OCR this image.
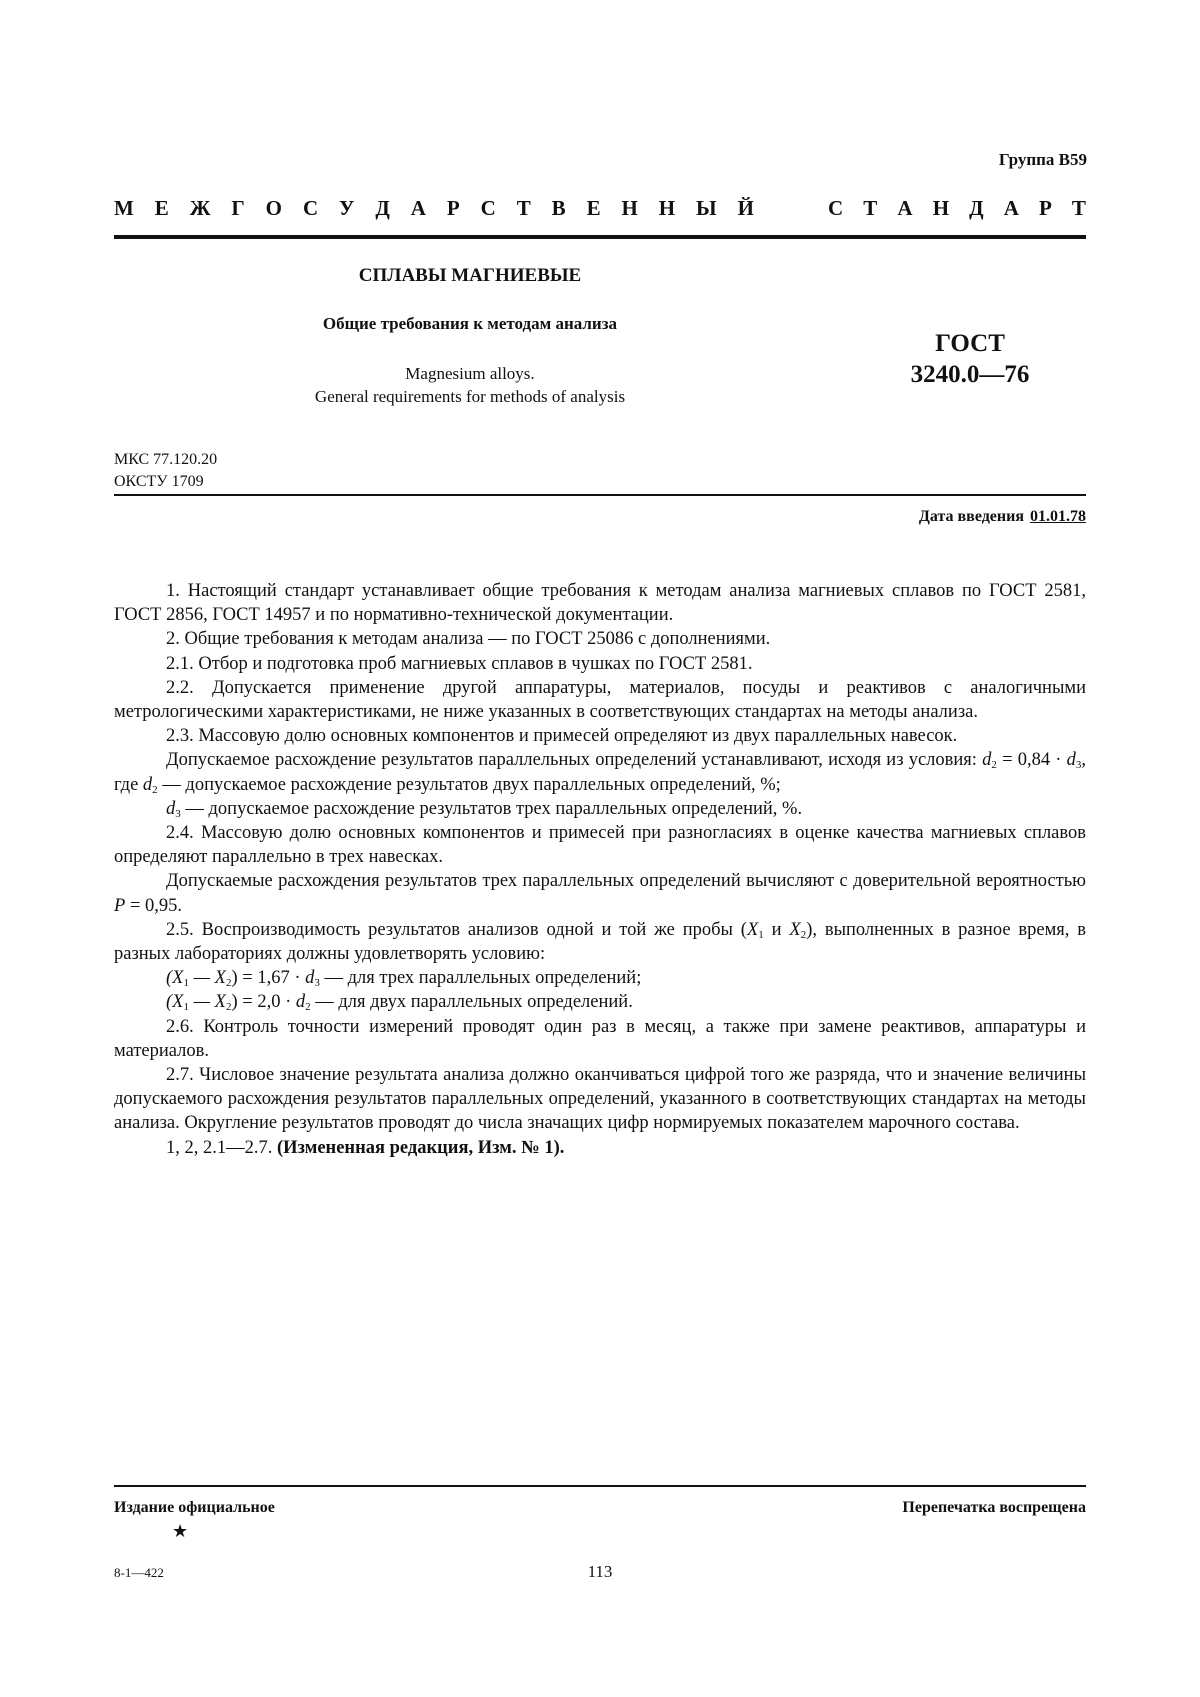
Группа В59
М Е Ж Г О С У Д А Р С Т В Е Н Н Ы Й	С Т А Н Д А Р Т
СПЛАВЫ МАГНИЕВЫЕ
Общие требования к методам анализа
Magnesium alloys.
General requirements for methods of analysis
ГОСТ
3240.0—76
МКС 77.120.20
ОКСТУ 1709
Дата введения 01.01.78

1. Настоящий стандарт устанавливает общие требования к методам анализа магниевых сплавов по ГОСТ 2581, ГОСТ 2856, ГОСТ 14957 и по нормативно-технической документации.

2. Общие требования к методам анализа — по ГОСТ 25086 с дополнениями.

2.1. Отбор и подготовка проб магниевых сплавов в чушках по ГОСТ 2581.

2.2. Допускается применение другой аппаратуры, материалов, посуды и реактивов с аналогичными метрологическими характеристиками, не ниже указанных в соответствующих стандартах на методы анализа.

2.3. Массовую долю основных компонентов и примесей определяют из двух параллельных навесок.

Допускаемое расхождение результатов параллельных определений устанавливают, исходя из условия: $d_2 = 0,84 \cdot d_3$, где $d_2$ — допускаемое расхождение результатов двух параллельных определений, %;

$d_3$ — допускаемое расхождение результатов трех параллельных определений, %.

2.4. Массовую долю основных компонентов и примесей при разногласиях в оценке качества магниевых сплавов определяют параллельно в трех навесках.

Допускаемые расхождения результатов трех параллельных определений вычисляют с доверительной вероятностью P = 0,95.

2.5. Воспроизводимость результатов анализов одной и той же пробы ($X_1$ и $X_2$), выполненных в разное время, в разных лабораториях должны удовлетворять условию:

($X_1$ — $X_2) = 1,67 \cdot d_3$ — для трех параллельных определений;

($X_1$ — $X_2) = 2,0 \cdot d_2$ — для двух параллельных определений.

2.6. Контроль точности измерений проводят один раз в месяц, а также при замене реактивов, аппаратуры и материалов.

2.7. Числовое значение результата анализа должно оканчиваться цифрой того же разряда, что и значение величины допускаемого расхождения результатов параллельных определений, указанного в соответствующих стандартах на методы анализа. Округление результатов проводят до числа значащих цифр нормируемых показателем марочного состава.

1, 2, 2.1—2.7. (Измененная редакция, Изм. № 1).

Издание официальное
★
Перепечатка воспрещена
8-1—422	113
